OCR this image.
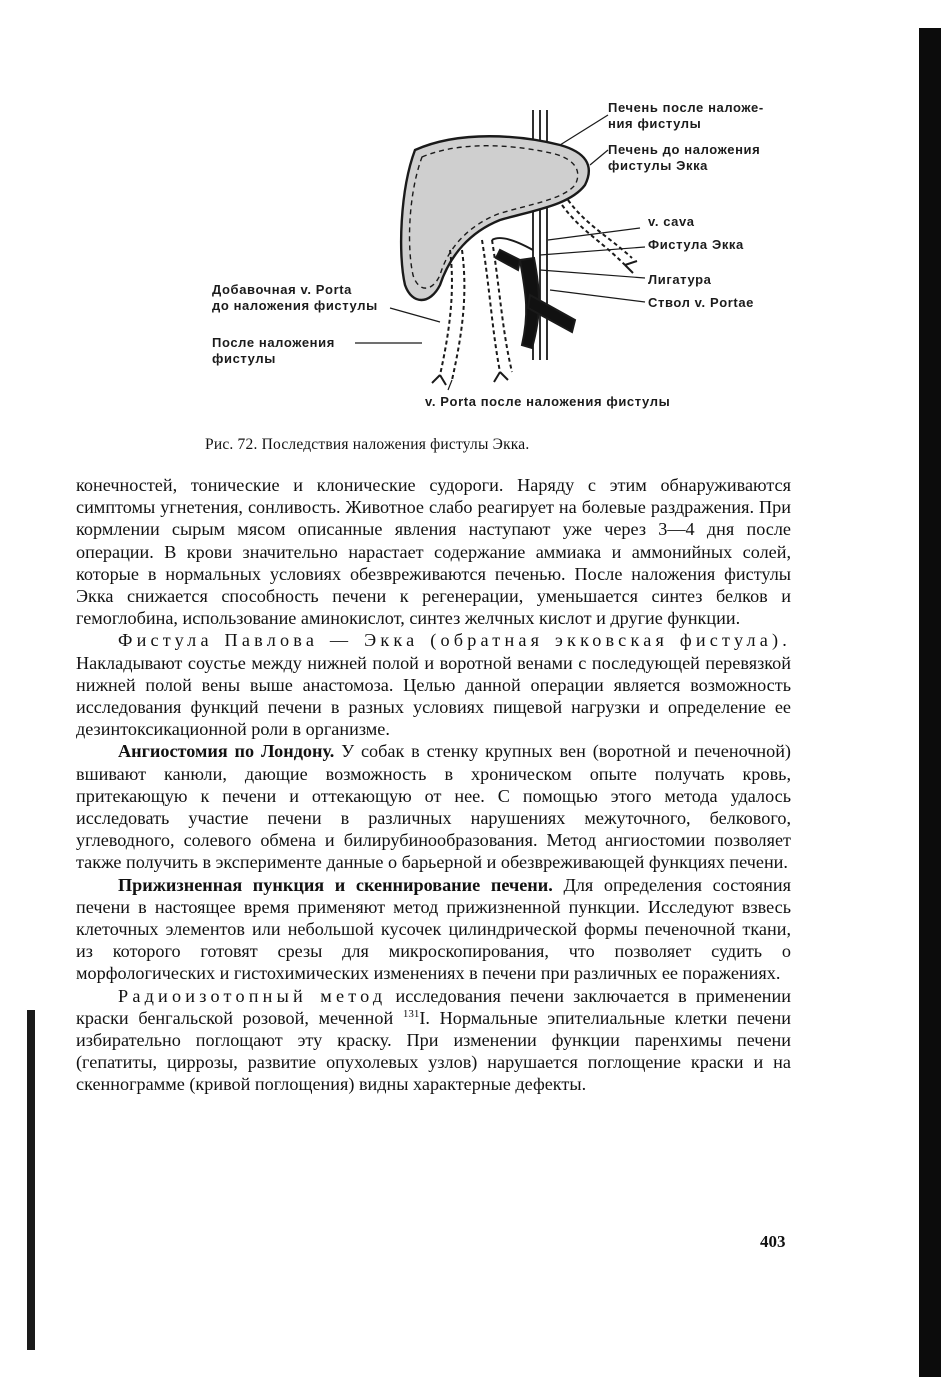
Печень после наложе-
ния фистулы
Печень до наложения
фистулы Экка
v. cava
Фистула Экка
Лигатура
Ствол v. Portae
Добавочная v. Porta
до наложения фистулы
После наложения
фистулы
v. Porta после наложения фистулы
Рис. 72. Последствия наложения фистулы Экка.

конечностей, тонические и клонические судороги. Наряду с этим обнаруживаются симптомы угнетения, сонливость. Животное слабо реагирует на болевые раздражения. При кормлении сырым мясом описанные явления наступают уже через 3—4 дня после операции. В крови значительно нарастает содержание аммиака и аммонийных солей, которые в нормальных условиях обезвреживаются печенью. После наложения фистулы Экка снижается способность печени к регенерации, уменьшается синтез белков и гемоглобина, использование аминокислот, синтез желчных кислот и другие функции.

Фистула Павлова — Экка (обратная экковская фистула). Накладывают соустье между нижней полой и воротной венами с последующей перевязкой нижней полой вены выше анастомоза. Целью данной операции является возможность исследования функций печени в разных условиях пищевой нагрузки и определение ее дезинтоксикационной роли в организме.

Ангиостомия по Лондону. У собак в стенку крупных вен (воротной и печеночной) вшивают канюли, дающие возможность в хроническом опыте получать кровь, притекающую к печени и оттекающую от нее. С помощью этого метода удалось исследовать участие печени в различных нарушениях межуточного, белкового, углеводного, солевого обмена и билирубинообразования. Метод ангиостомии позволяет также получить в эксперименте данные о барьерной и обезвреживающей функциях печени.

Прижизненная пункция и скеннирование печени. Для определения состояния печени в настоящее время применяют метод прижизненной пункции. Исследуют взвесь клеточных элементов или небольшой кусочек цилиндрической формы печеночной ткани, из которого готовят срезы для микроскопирования, что позволяет судить о морфологических и гистохимических изменениях в печени при различных ее поражениях.

Радиоизотопный метод исследования печени заключается в применении краски бенгальской розовой, меченной $^{131}$I. Нормальные эпителиальные клетки печени избирательно поглощают эту краску. При изменении функции паренхимы печени (гепатиты, циррозы, развитие опухолевых узлов) нарушается поглощение краски и на скеннограмме (кривой поглощения) видны характерные дефекты.

403
